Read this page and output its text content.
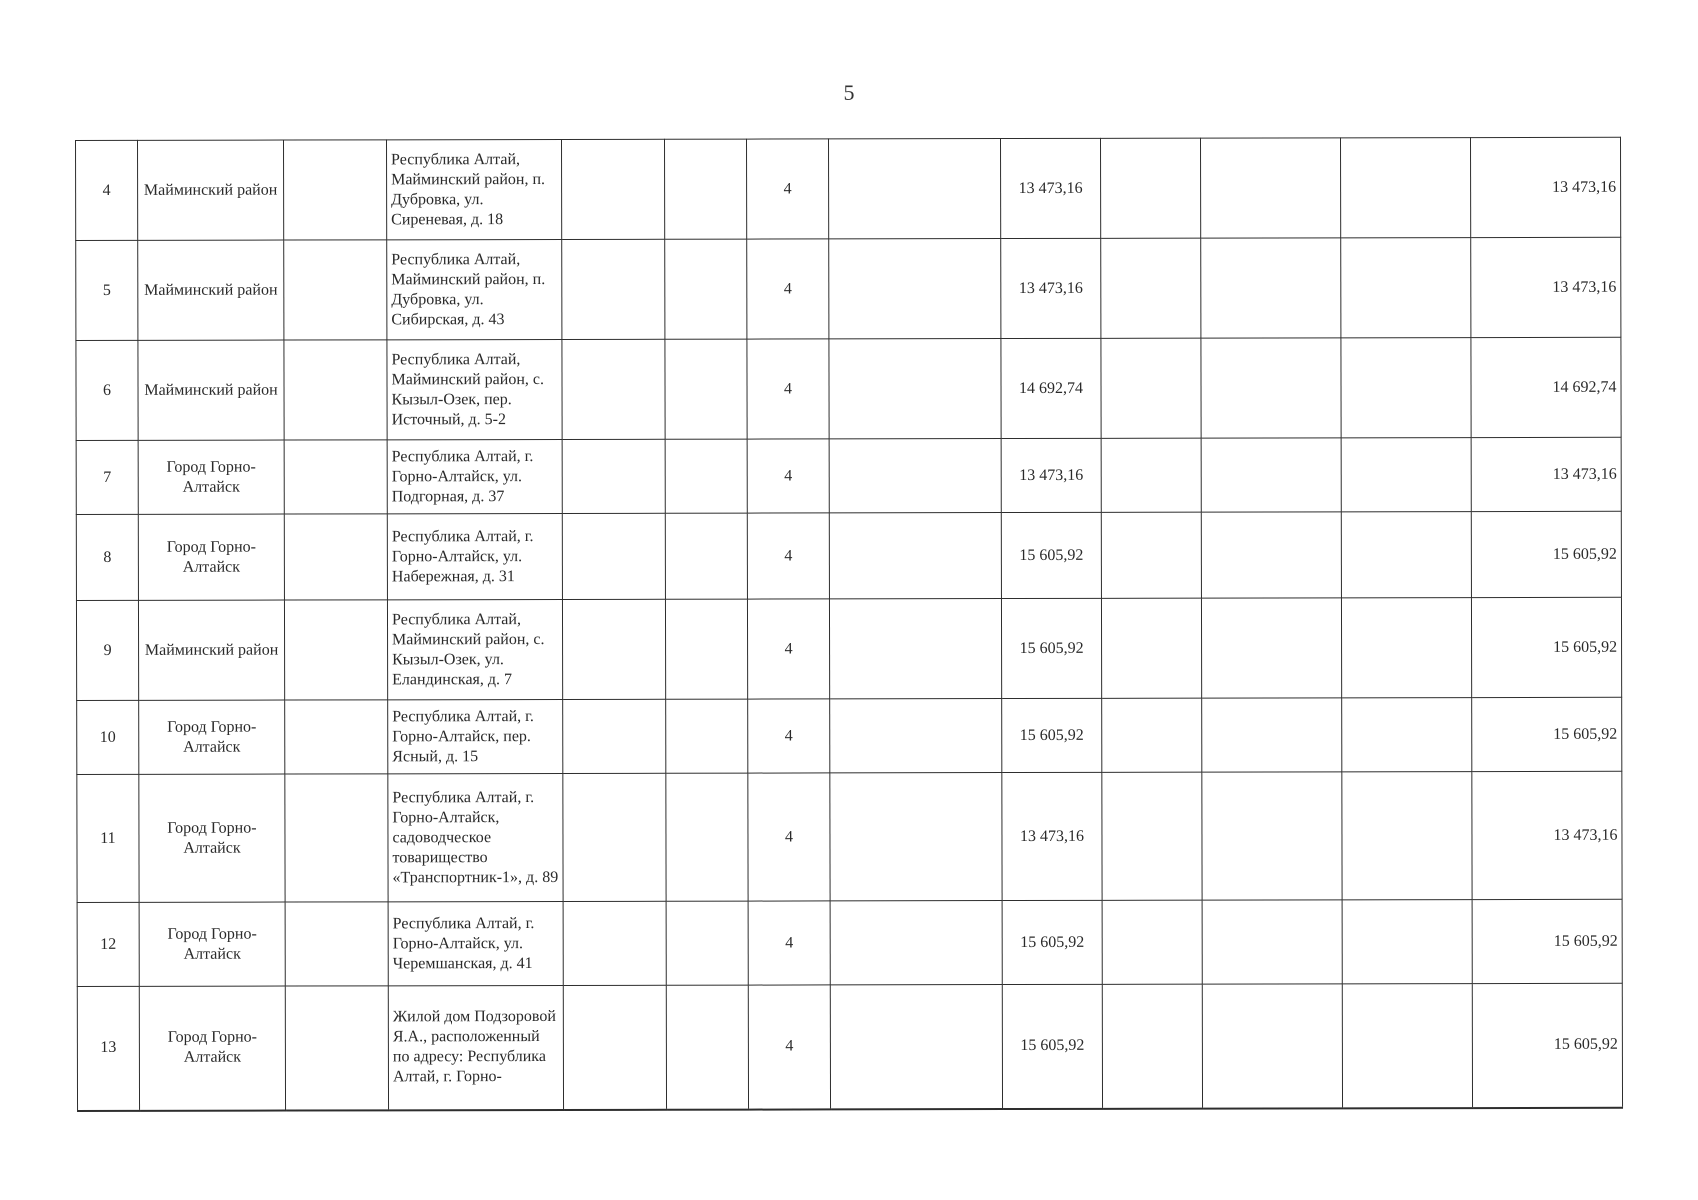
5
4	Майминский район		Республика Алтай, Майминский район, п. Дубровка, ул. Сиреневая, д. 18			4		13 473,16				13 473,16
5	Майминский район		Республика Алтай, Майминский район, п. Дубровка, ул. Сибирская, д. 43			4		13 473,16				13 473,16
6	Майминский район		Республика Алтай, Майминский район, с. Кызыл-Озек, пер. Источный, д. 5-2			4		14 692,74				14 692,74
7	Город Горно-Алтайск		Республика Алтай, г. Горно-Алтайск, ул. Подгорная, д. 37			4		13 473,16				13 473,16
8	Город Горно-Алтайск		Республика Алтай, г. Горно-Алтайск, ул. Набережная, д. 31			4		15 605,92				15 605,92
9	Майминский район		Республика Алтай, Майминский район, с. Кызыл-Озек, ул. Еландинская, д. 7			4		15 605,92				15 605,92
10	Город Горно-Алтайск		Республика Алтай, г. Горно-Алтайск, пер. Ясный, д. 15			4		15 605,92				15 605,92
11	Город Горно-Алтайск		Республика Алтай, г. Горно-Алтайск, садоводческое товарищество «Транспортник-1», д. 89			4		13 473,16				13 473,16
12	Город Горно-Алтайск		Республика Алтай, г. Горно-Алтайск, ул. Черемшанская, д. 41			4		15 605,92				15 605,92
13	Город Горно-Алтайск		Жилой дом Подзоровой Я.А., расположенный по адресу: Республика Алтай, г. Горно-			4		15 605,92				15 605,92
